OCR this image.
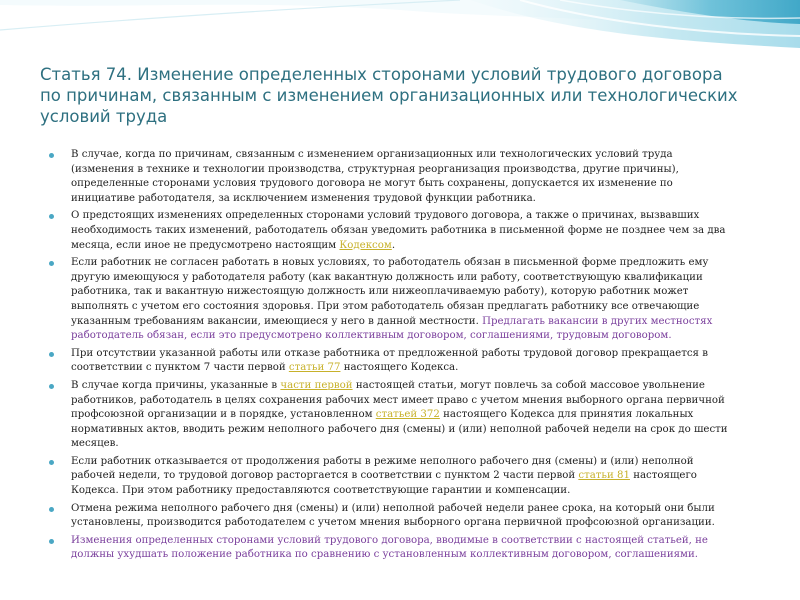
Статья 74. Изменение определенных сторонами условий трудового договора по причинам, связанным с изменением организационных или технологических условий труда
В случае, когда по причинам, связанным с изменением организационных или технологических условий труда (изменения в технике и технологии производства, структурная реорганизация производства, другие причины), определенные сторонами условия трудового договора не могут быть сохранены, допускается их изменение по инициативе работодателя, за исключением изменения трудовой функции работника.
О предстоящих изменениях определенных сторонами условий трудового договора, а также о причинах, вызвавших необходимость таких изменений, работодатель обязан уведомить работника в письменной форме не позднее чем за два месяца, если иное не предусмотрено настоящим Кодексом.
Если работник не согласен работать в новых условиях, то работодатель обязан в письменной форме предложить ему другую имеющуюся у работодателя работу (как вакантную должность или работу, соответствующую квалификации работника, так и вакантную нижестоящую должность или нижеоплачиваемую работу), которую работник может выполнять с учетом его состояния здоровья. При этом работодатель обязан предлагать работнику все отвечающие указанным требованиям вакансии, имеющиеся у него в данной местности. Предлагать вакансии в других местностях работодатель обязан, если это предусмотрено коллективным договором, соглашениями, трудовым договором.
При отсутствии указанной работы или отказе работника от предложенной работы трудовой договор прекращается в соответствии с пунктом 7 части первой статьи 77 настоящего Кодекса.
В случае когда причины, указанные в части первой настоящей статьи, могут повлечь за собой массовое увольнение работников, работодатель в целях сохранения рабочих мест имеет право с учетом мнения выборного органа первичной профсоюзной организации и в порядке, установленном статьей 372 настоящего Кодекса для принятия локальных нормативных актов, вводить режим неполного рабочего дня (смены) и (или) неполной рабочей недели на срок до шести месяцев.
Если работник отказывается от продолжения работы в режиме неполного рабочего дня (смены) и (или) неполной рабочей недели, то трудовой договор расторгается в соответствии с пунктом 2 части первой статьи 81 настоящего Кодекса. При этом работнику предоставляются соответствующие гарантии и компенсации.
Отмена режима неполного рабочего дня (смены) и (или) неполной рабочей недели ранее срока, на который они были установлены, производится работодателем с учетом мнения выборного органа первичной профсоюзной организации.
Изменения определенных сторонами условий трудового договора, вводимые в соответствии с настоящей статьей, не должны ухудшать положение работника по сравнению с установленным коллективным договором, соглашениями.
